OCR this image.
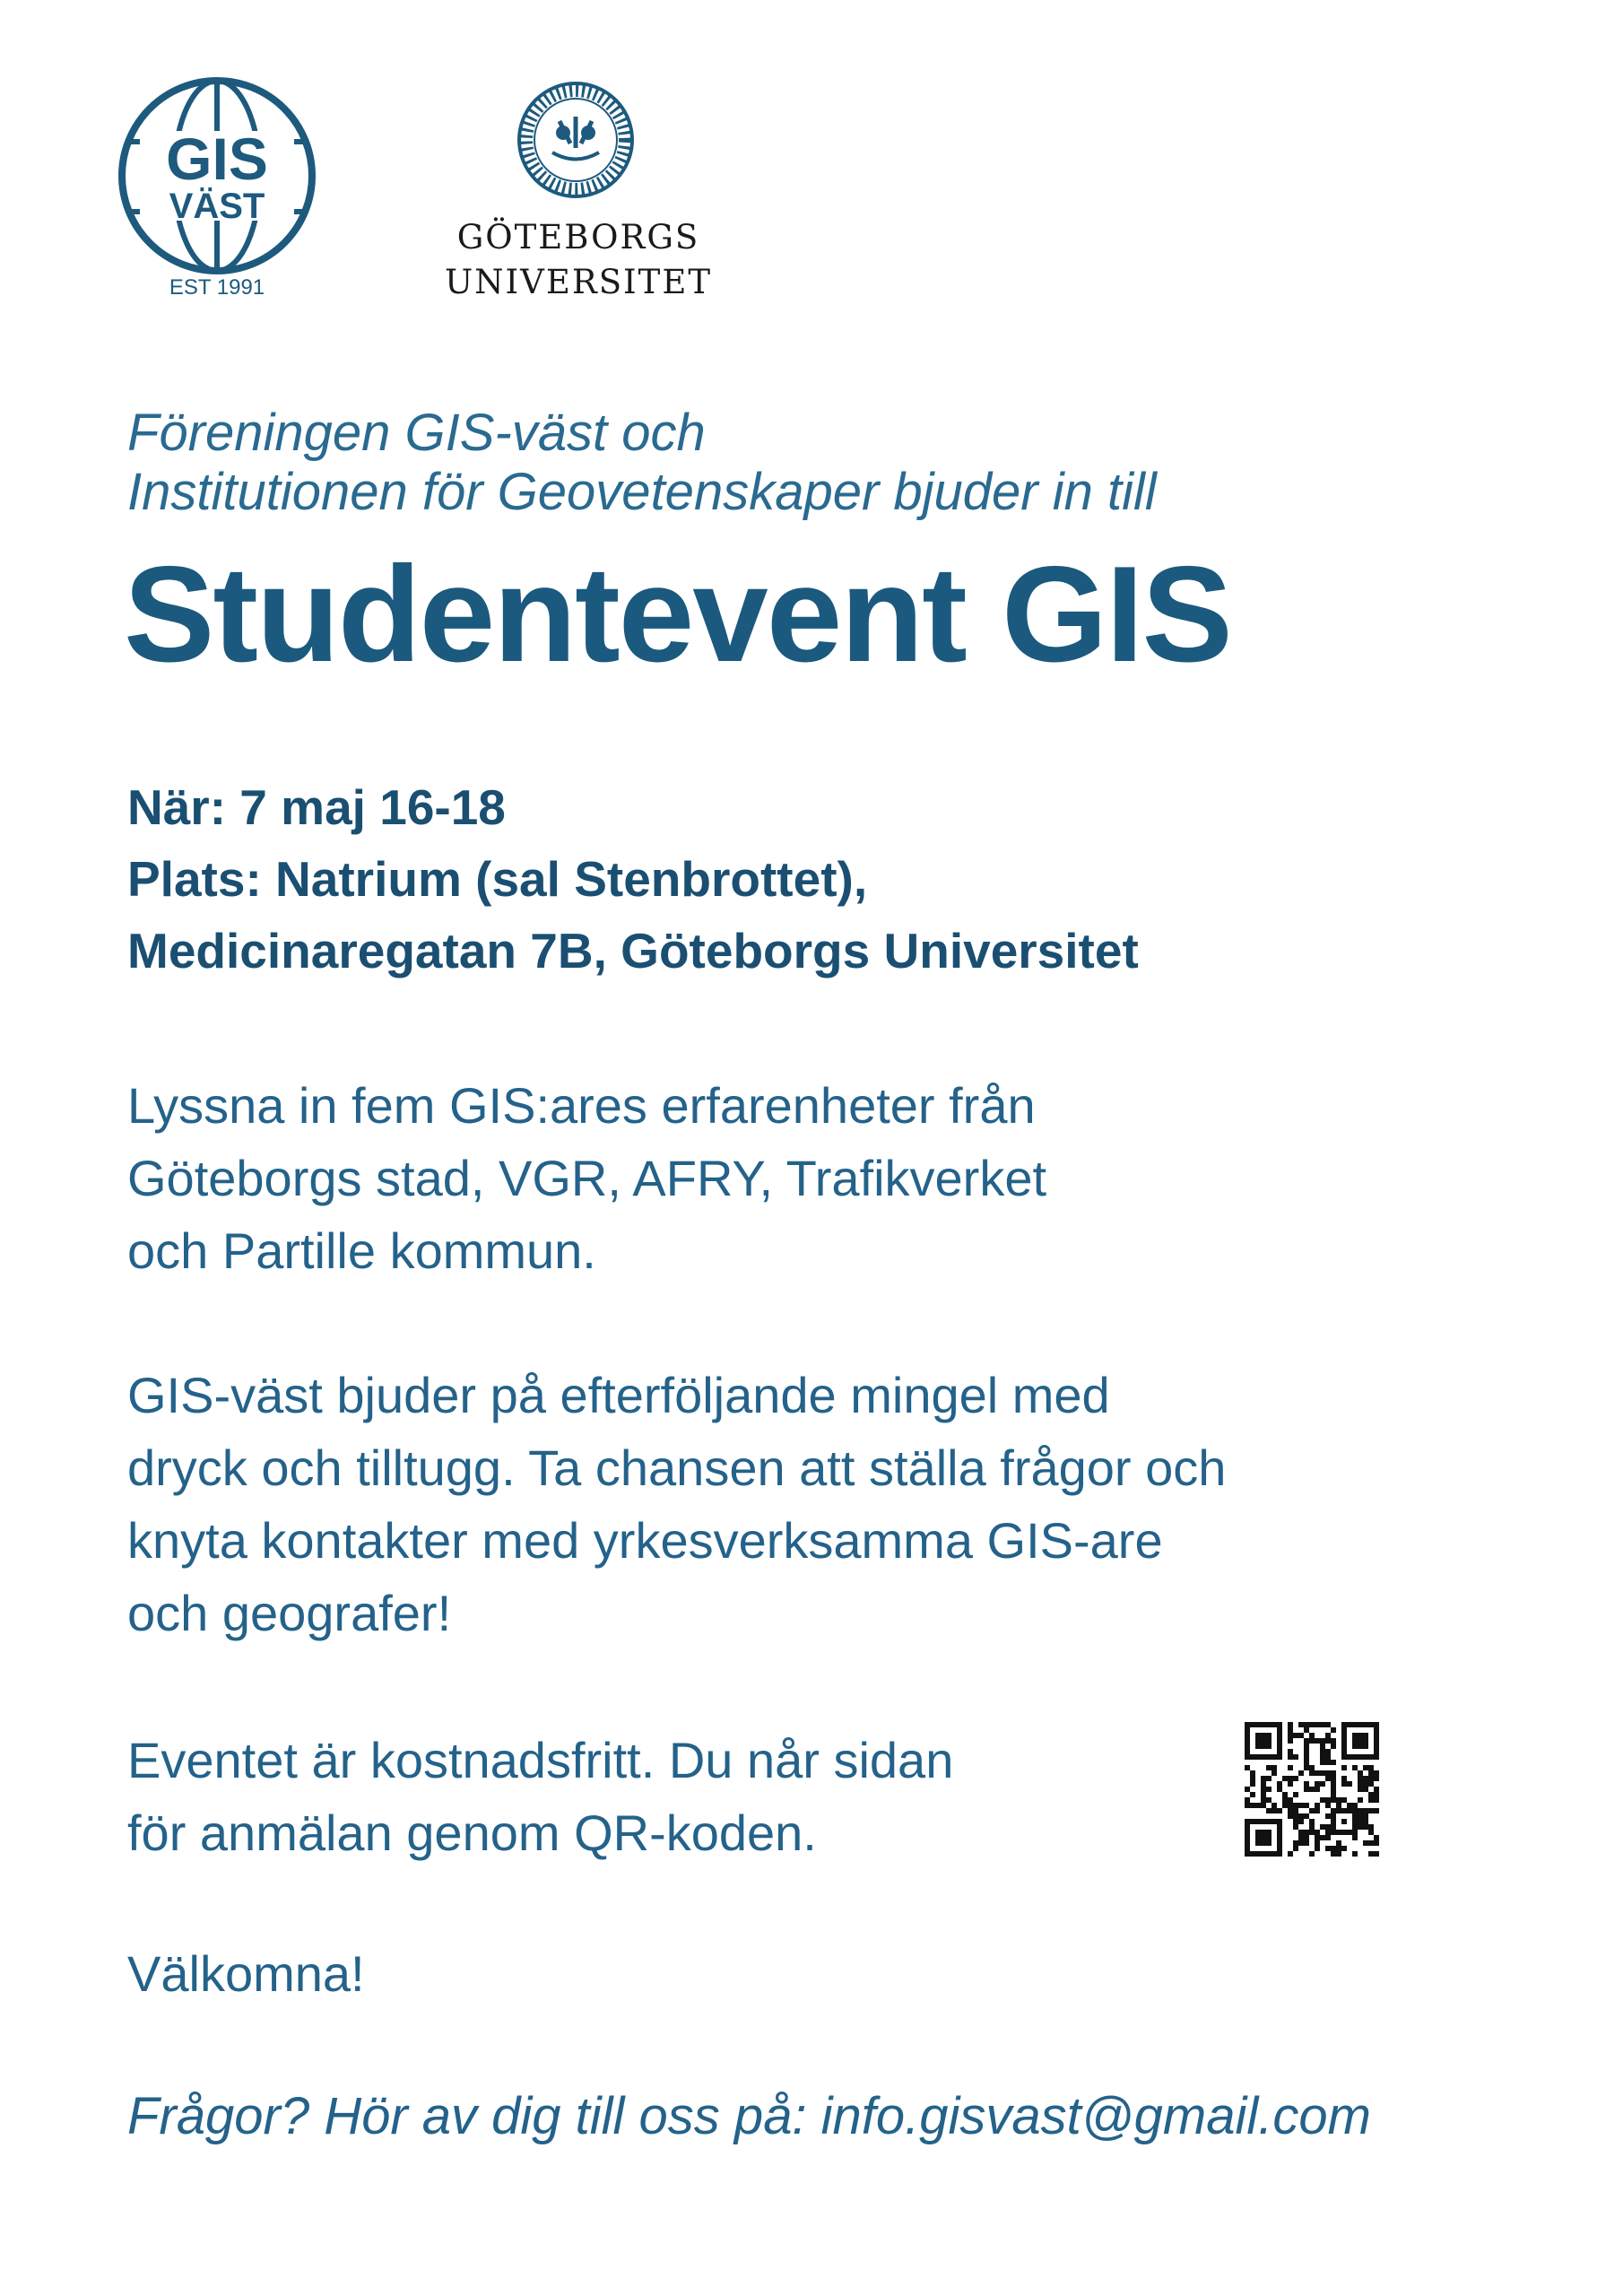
GIS
VÄST
EST 1991
GÖTEBORGS
UNIVERSITET
Föreningen GIS-väst och
Institutionen för Geovetenskaper bjuder in till
Studentevent GIS
När: 7 maj 16-18
Plats: Natrium (sal Stenbrottet),
Medicinaregatan 7B, Göteborgs Universitet
Lyssna in fem GIS:ares erfarenheter från
Göteborgs stad, VGR, AFRY, Trafikverket
och Partille kommun.
GIS-väst bjuder på efterföljande mingel med
dryck och tilltugg. Ta chansen att ställa frågor och
knyta kontakter med yrkesverksamma GIS-are
och geografer!
Eventet är kostnadsfritt. Du når sidan
för anmälan genom QR-koden.
Välkomna!
Frågor? Hör av dig till oss på: info.gisvast@gmail.com
